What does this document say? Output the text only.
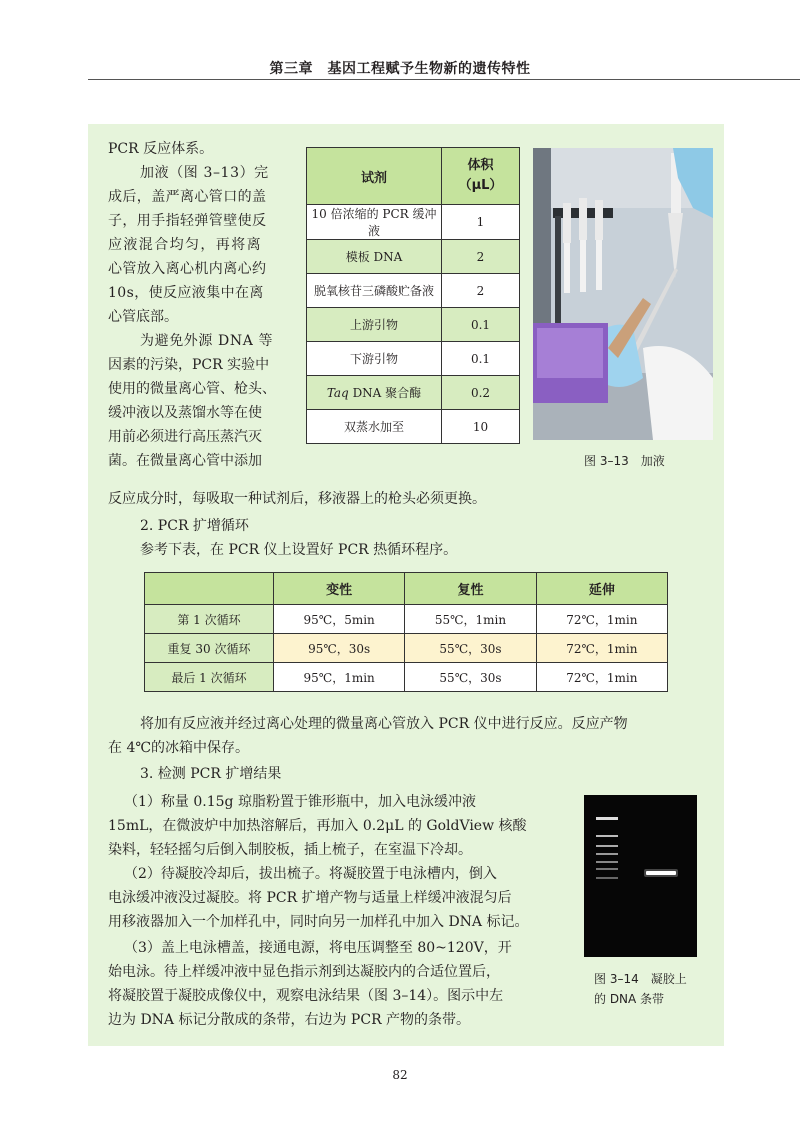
第三章　基因工程赋予生物新的遗传特性
PCR 反应体系。
加液（图 3–13）完
成后，盖严离心管口的盖
子，用手指轻弹管壁使反
应液混合均匀，再将离
心管放入离心机内离心约
10s，使反应液集中在离
心管底部。
为避免外源 DNA 等
因素的污染，PCR 实验中
使用的微量离心管、枪头、
缓冲液以及蒸馏水等在使
用前必须进行高压蒸汽灭
菌。在微量离心管中添加
反应成分时，每吸取一种试剂后，移液器上的枪头必须更换。
试剂	体积
（μL）

10 倍浓缩的 PCR 缓冲液	1
模板 DNA	2
脱氧核苷三磷酸贮备液	2
上游引物	0.1
下游引物	0.1
Taq DNA 聚合酶	0.2
双蒸水加至	10
图 3–13　加液
2. PCR 扩增循环
参考下表，在 PCR 仪上设置好 PCR 热循环程序。
	变性	复性	延伸
第 1 次循环	95℃，5min	55℃，1min	72℃，1min
重复 30 次循环	95℃，30s	55℃，30s	72℃，1min
最后 1 次循环	95℃，1min	55℃，30s	72℃，1min
将加有反应液并经过离心处理的微量离心管放入 PCR 仪中进行反应。反应产物
在 4℃的冰箱中保存。
3. 检测 PCR 扩增结果
（1）称量 0.15g 琼脂粉置于锥形瓶中，加入电泳缓冲液
15mL，在微波炉中加热溶解后，再加入 0.2μL 的 GoldView 核酸
染料，轻轻摇匀后倒入制胶板，插上梳子，在室温下冷却。
（2）待凝胶冷却后，拔出梳子。将凝胶置于电泳槽内，倒入
电泳缓冲液没过凝胶。将 PCR 扩增产物与适量上样缓冲液混匀后
用移液器加入一个加样孔中，同时向另一加样孔中加入 DNA 标记。
（3）盖上电泳槽盖，接通电源，将电压调整至 80~120V，开
始电泳。待上样缓冲液中显色指示剂到达凝胶内的合适位置后，
将凝胶置于凝胶成像仪中，观察电泳结果（图 3–14）。图示中左
边为 DNA 标记分散成的条带，右边为 PCR 产物的条带。
图 3–14　凝胶上
的 DNA 条带
82
